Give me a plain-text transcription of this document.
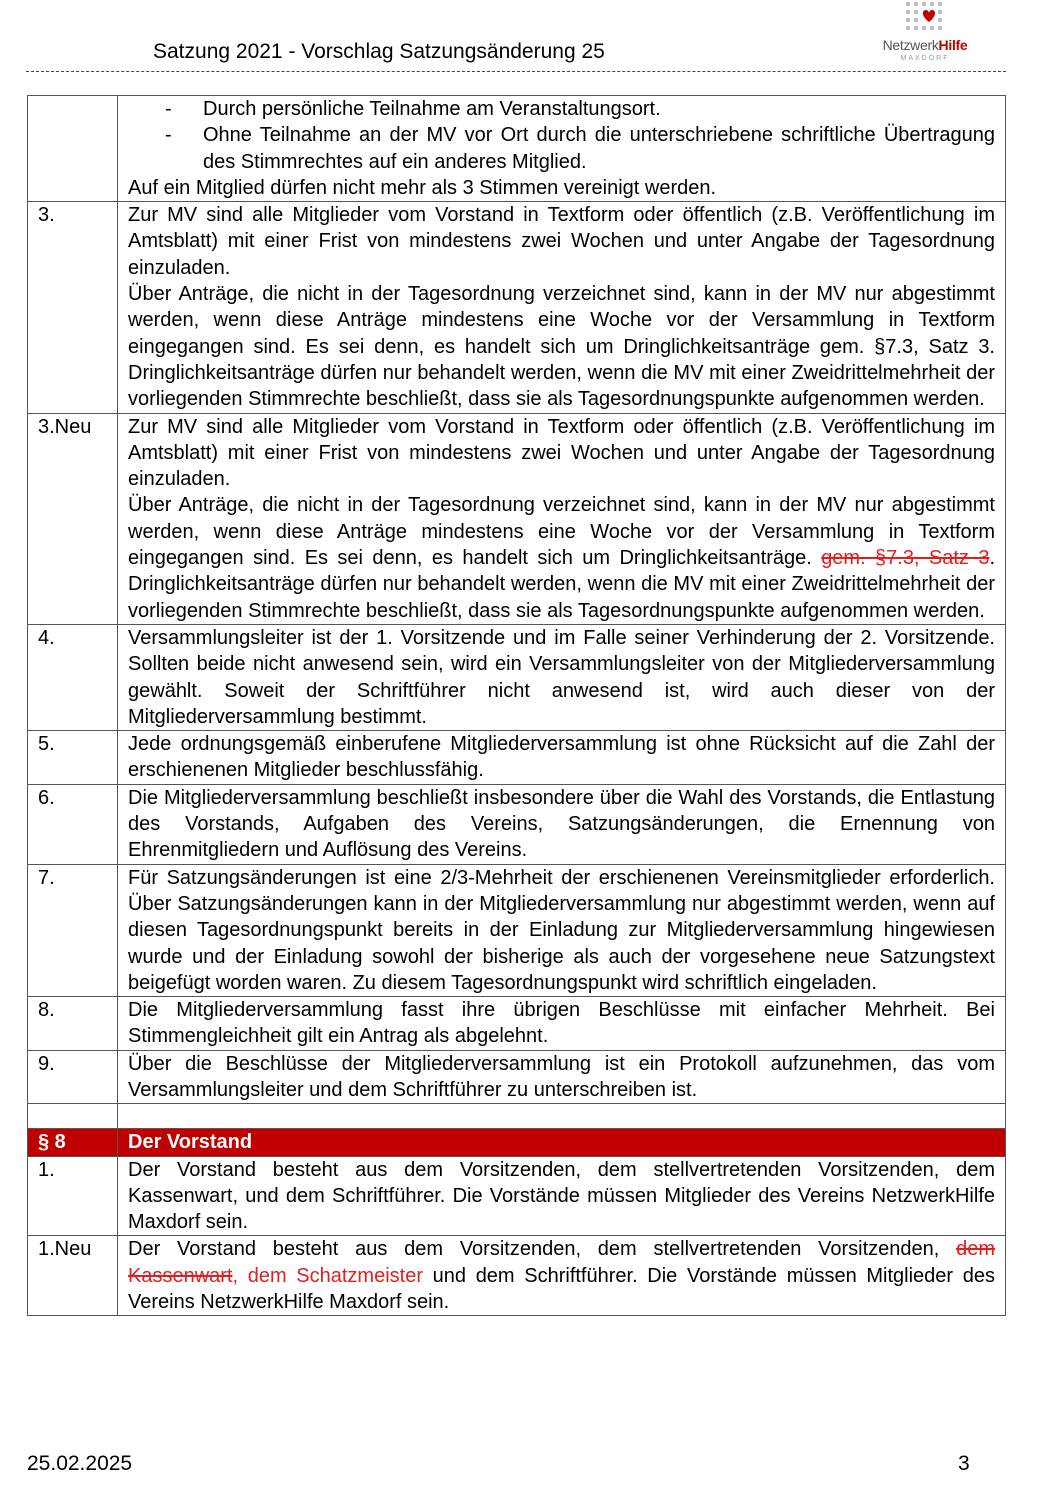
Satzung 2021 - Vorschlag Satzungsänderung 25	NetzwerkHilfe
MAXDORF

	- Durch persönliche Teilnahme am Veranstaltungsort.
- Ohne Teilnahme an der MV vor Ort durch die unterschriebene schriftliche Übertragung des Stimmrechtes auf ein anderes Mitglied.
Auf ein Mitglied dürfen nicht mehr als 3 Stimmen vereinigt werden.

3.	Zur MV sind alle Mitglieder vom Vorstand in Textform oder öffentlich (z.B. Veröffentlichung im Amtsblatt) mit einer Frist von mindestens zwei Wochen und unter Angabe der Tagesordnung einzuladen.
Über Anträge, die nicht in der Tagesordnung verzeichnet sind, kann in der MV nur abgestimmt werden, wenn diese Anträge mindestens eine Woche vor der Versammlung in Textform eingegangen sind. Es sei denn, es handelt sich um Dringlichkeitsanträge gem. §7.3, Satz 3. Dringlichkeitsanträge dürfen nur behandelt werden, wenn die MV mit einer Zweidrittelmehrheit der vorliegenden Stimmrechte beschließt, dass sie als Tagesordnungspunkte aufgenommen werden.

3.Neu	Zur MV sind alle Mitglieder vom Vorstand in Textform oder öffentlich (z.B. Veröffentlichung im Amtsblatt) mit einer Frist von mindestens zwei Wochen und unter Angabe der Tagesordnung einzuladen.
Über Anträge, die nicht in der Tagesordnung verzeichnet sind, kann in der MV nur abgestimmt werden, wenn diese Anträge mindestens eine Woche vor der Versammlung in Textform eingegangen sind. Es sei denn, es handelt sich um Dringlichkeitsanträge. gem. §7.3, Satz 3. Dringlichkeitsanträge dürfen nur behandelt werden, wenn die MV mit einer Zweidrittelmehrheit der vorliegenden Stimmrechte beschließt, dass sie als Tagesordnungspunkte aufgenommen werden.

4.	Versammlungsleiter ist der 1. Vorsitzende und im Falle seiner Verhinderung der 2. Vorsitzende. Sollten beide nicht anwesend sein, wird ein Versammlungsleiter von der Mitgliederversammlung gewählt. Soweit der Schriftführer nicht anwesend ist, wird auch dieser von der Mitgliederversammlung bestimmt.
5.	Jede ordnungsgemäß einberufene Mitgliederversammlung ist ohne Rücksicht auf die Zahl der erschienenen Mitglieder beschlussfähig.
6.	Die Mitgliederversammlung beschließt insbesondere über die Wahl des Vorstands, die Entlastung des Vorstands, Aufgaben des Vereins, Satzungsänderungen, die Ernennung von Ehrenmitgliedern und Auflösung des Vereins.
7.	Für Satzungsänderungen ist eine 2/3-Mehrheit der erschienenen Vereinsmitglieder erforderlich. Über Satzungsänderungen kann in der Mitgliederversammlung nur abgestimmt werden, wenn auf diesen Tagesordnungspunkt bereits in der Einladung zur Mitgliederversammlung hingewiesen wurde und der Einladung sowohl der bisherige als auch der vorgesehene neue Satzungstext beigefügt worden waren. Zu diesem Tagesordnungspunkt wird schriftlich eingeladen.
8.	Die Mitgliederversammlung fasst ihre übrigen Beschlüsse mit einfacher Mehrheit. Bei Stimmengleichheit gilt ein Antrag als abgelehnt.
9.	Über die Beschlüsse der Mitgliederversammlung ist ein Protokoll aufzunehmen, das vom Versammlungsleiter und dem Schriftführer zu unterschreiben ist.

§ 8	Der Vorstand
1.	Der Vorstand besteht aus dem Vorsitzenden, dem stellvertretenden Vorsitzenden, dem Kassenwart, und dem Schriftführer. Die Vorstände müssen Mitglieder des Vereins NetzwerkHilfe Maxdorf sein.
1.Neu	Der Vorstand besteht aus dem Vorsitzenden, dem stellvertretenden Vorsitzenden, dem Kassenwart, dem Schatzmeister und dem Schriftführer. Die Vorstände müssen Mitglieder des Vereins NetzwerkHilfe Maxdorf sein.
25.02.2025	3
